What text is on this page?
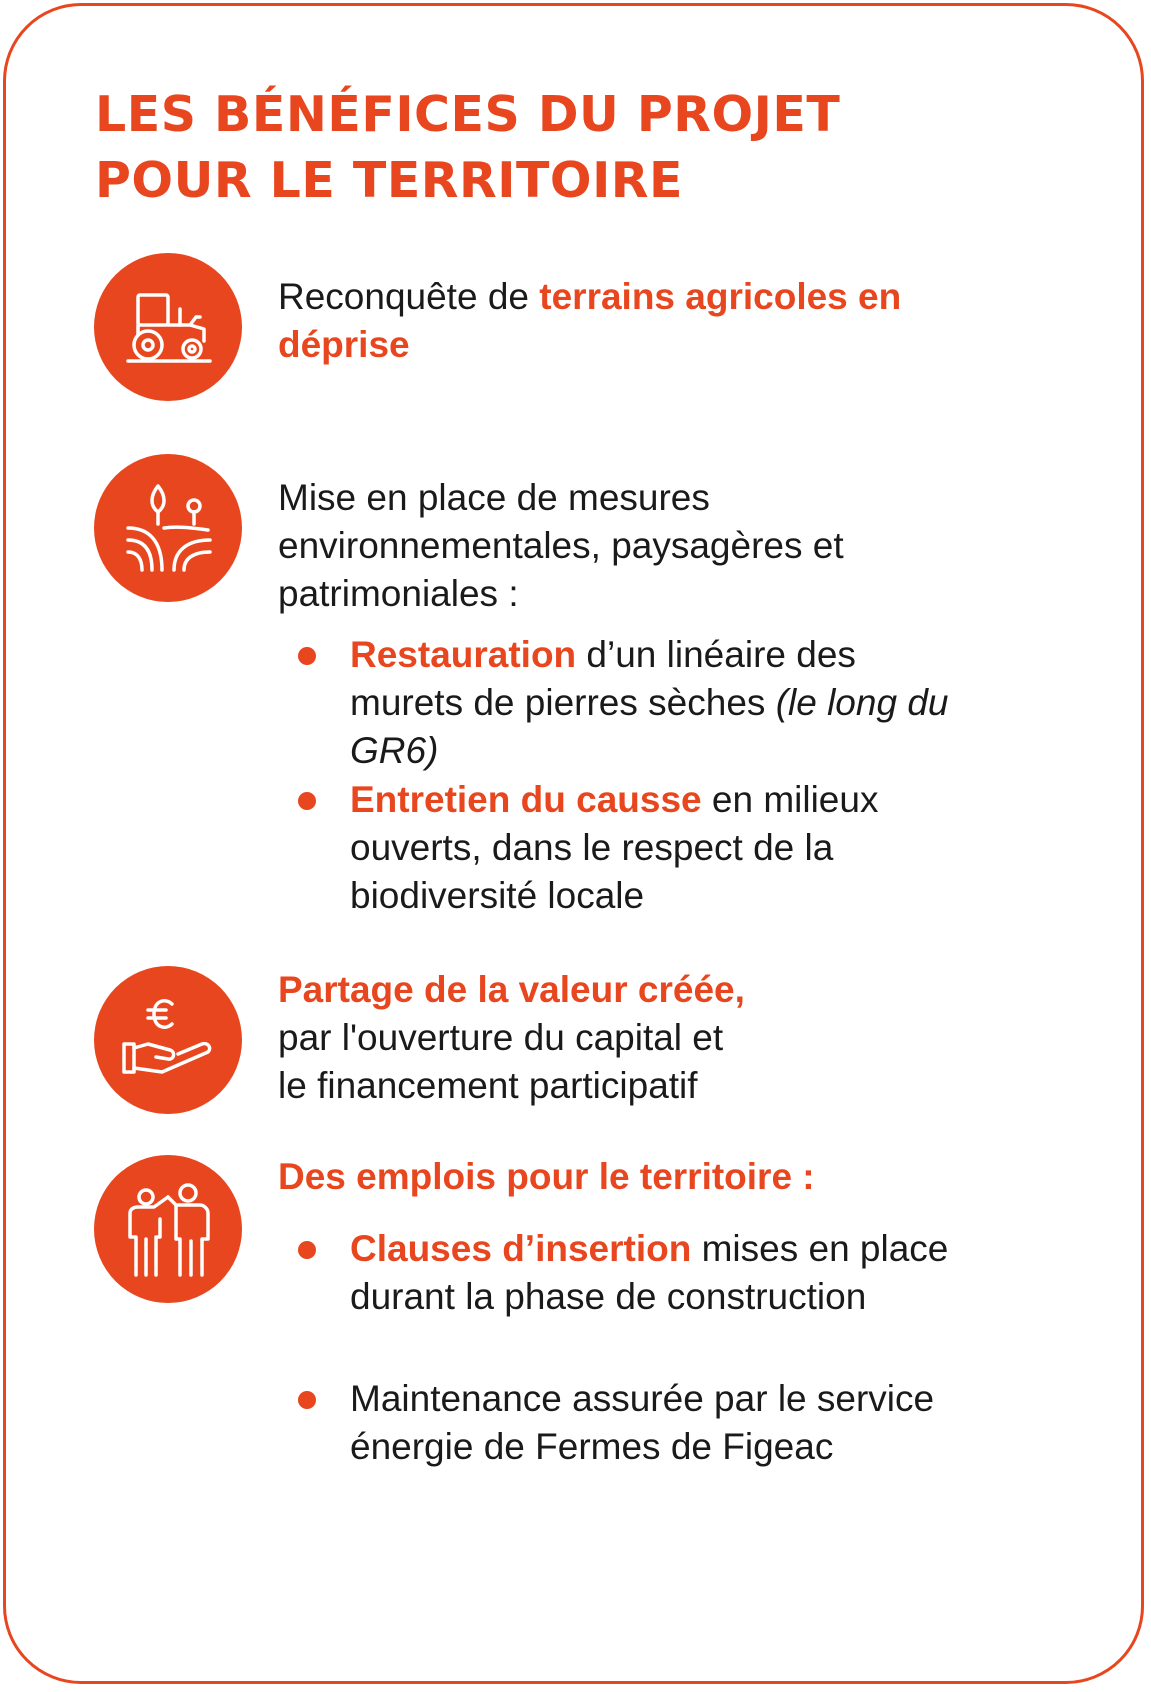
LES BÉNÉFICES DU PROJET
POUR LE TERRITOIRE

Reconquête de terrains agricoles en déprise

Mise en place de mesures environnementales, paysagères et patrimoniales :

Restauration d’un linéaire des murets de pierres sèches (le long du GR6)
Entretien du causse en milieux ouverts, dans le respect de la biodiversité locale

Partage de la valeur créée,
par l'ouverture du capital et
le financement participatif

Des emplois pour le territoire :

Clauses d’insertion mises en place durant la phase de construction
Maintenance assurée par le service énergie de Fermes de Figeac
